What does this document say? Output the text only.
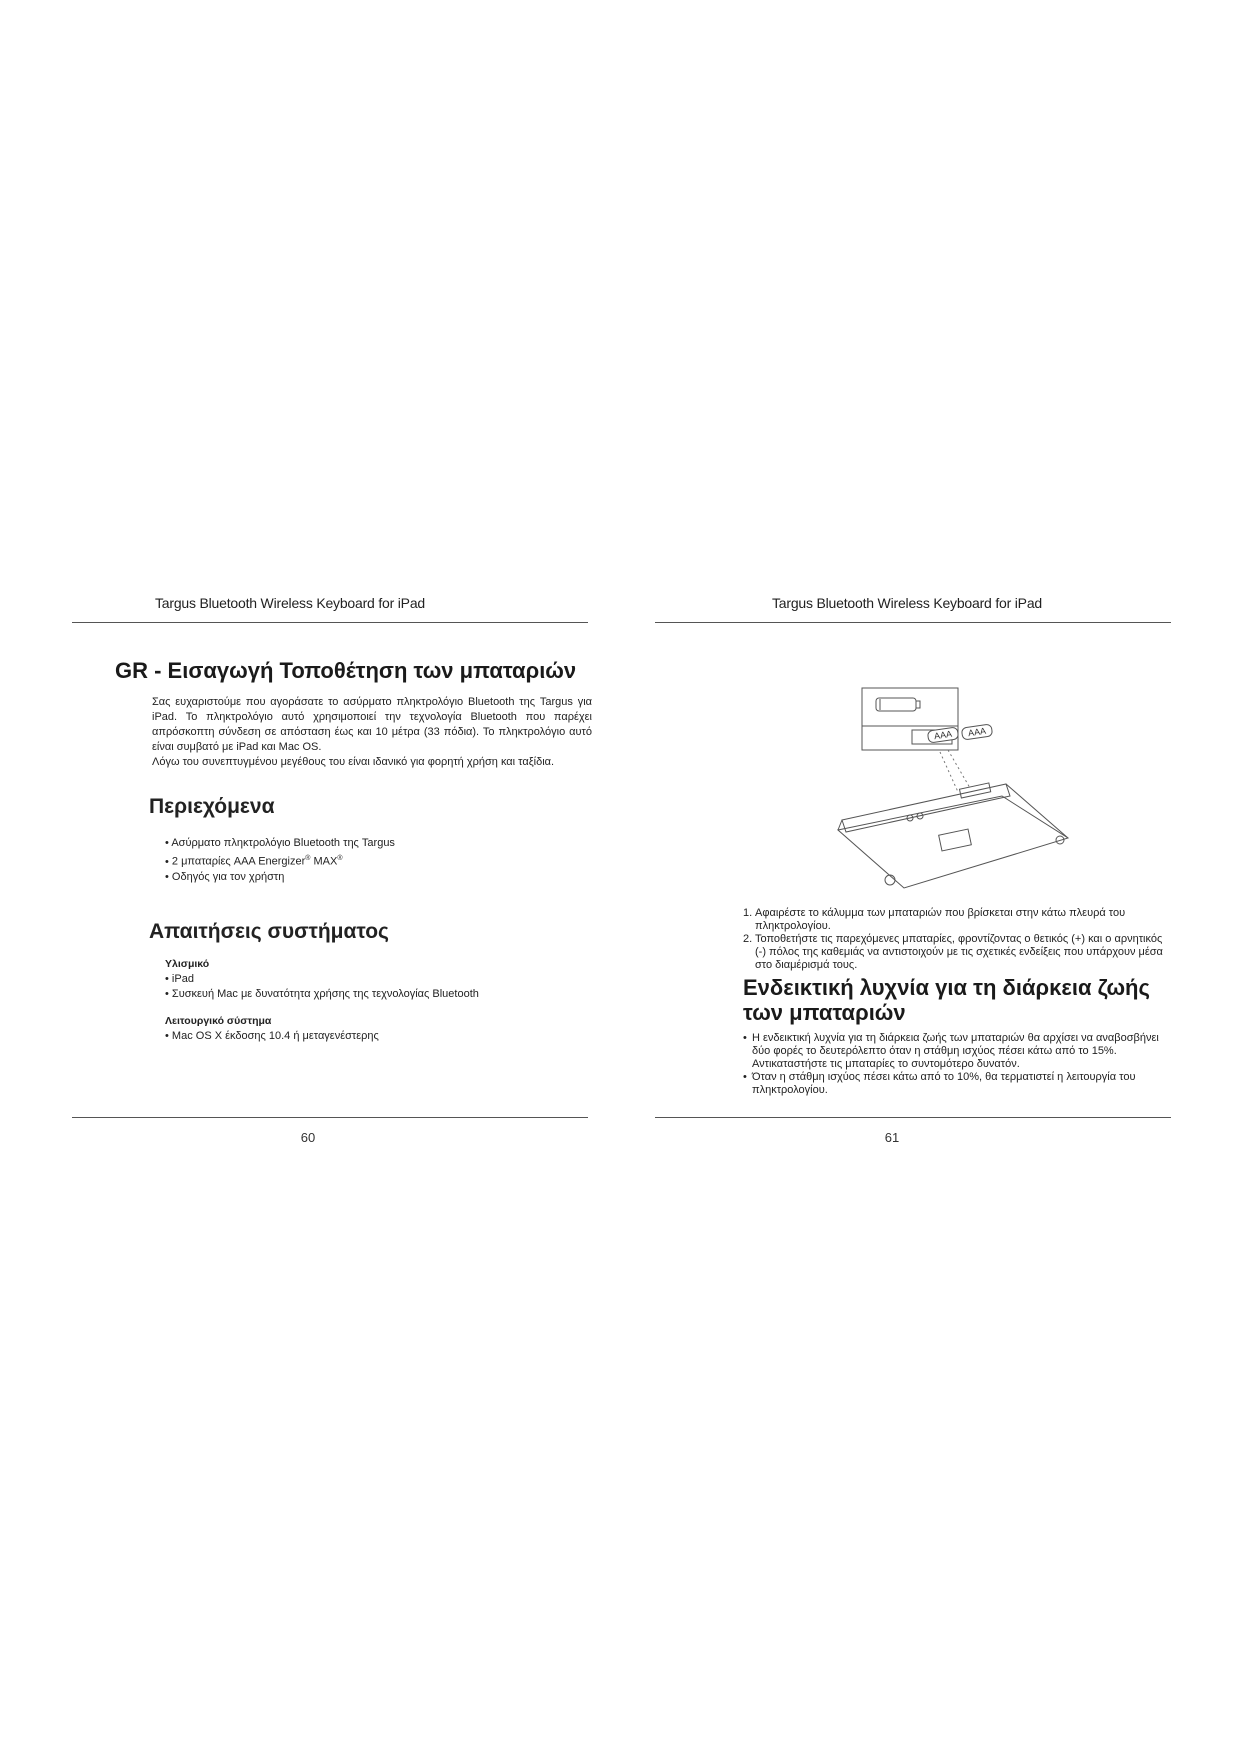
Targus Bluetooth Wireless Keyboard for iPad
GR - Εισαγωγή Τοποθέτηση των μπαταριών

Σας ευχαριστούμε που αγοράσατε το ασύρματο πληκτρολόγιο Bluetooth της Targus για iPad. Το πληκτρολόγιο αυτό χρησιμοποιεί την τεχνολογία Bluetooth που παρέχει απρόσκοπτη σύνδεση σε απόσταση έως και 10 μέτρα (33 πόδια). Το πληκτρολόγιο αυτό είναι συμβατό με iPad και Mac OS.

Λόγω του συνεπτυγμένου μεγέθους του είναι ιδανικό για φορητή χρήση και ταξίδια.

Περιεχόμενα
• Ασύρματο πληκτρολόγιο Bluetooth της Targus
• 2 μπαταρίες AAA Energizer® MAX®
• Οδηγός για τον χρήστη
Απαιτήσεις συστήματος
Υλισμικό
• iPad
• Συσκευή Mac με δυνατότητα χρήσης της τεχνολογίας Bluetooth
Λειτουργικό σύστημα
• Mac OS X έκδοσης 10.4 ή μεταγενέστερης
60
Targus Bluetooth Wireless Keyboard for iPad
AAA AAA
1. Αφαιρέστε το κάλυμμα των μπαταριών που βρίσκεται στην κάτω πλευρά του πληκτρολογίου.
2. Τοποθετήστε τις παρεχόμενες μπαταρίες, φροντίζοντας ο θετικός (+) και ο αρνητικός (-) πόλος της καθεμιάς να αντιστοιχούν με τις σχετικές ενδείξεις που υπάρχουν μέσα στο διαμέρισμά τους.
Ενδεικτική λυχνία για τη διάρκεια ζωής των μπαταριών
• Η ενδεικτική λυχνία για τη διάρκεια ζωής των μπαταριών θα αρχίσει να αναβοσβήνει δύο φορές το δευτερόλεπτο όταν η στάθμη ισχύος πέσει κάτω από το 15%. Αντικαταστήστε τις μπαταρίες το συντομότερο δυνατόν.
• Όταν η στάθμη ισχύος πέσει κάτω από το 10%, θα τερματιστεί η λειτουργία του πληκτρολογίου.
61
